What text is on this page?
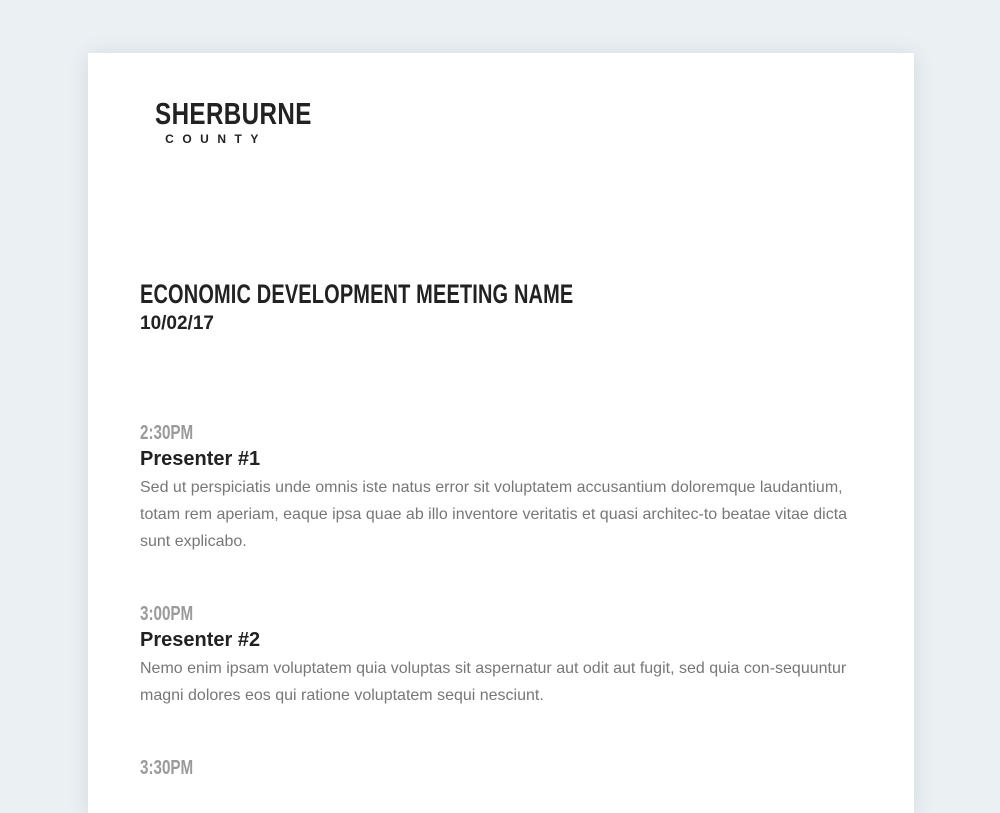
SHERBURNE
COUNTY
ECONOMIC DEVELOPMENT MEETING NAME
10/02/17
2:30PM
Presenter #1
Sed ut perspiciatis unde omnis iste natus error sit voluptatem accusantium doloremque laudantium, totam rem aperiam, eaque ipsa quae ab illo inventore veritatis et quasi architec-to beatae vitae dicta sunt explicabo.
3:00PM
Presenter #2
Nemo enim ipsam voluptatem quia voluptas sit aspernatur aut odit aut fugit, sed quia con-sequuntur magni dolores eos qui ratione voluptatem sequi nesciunt.
3:30PM
